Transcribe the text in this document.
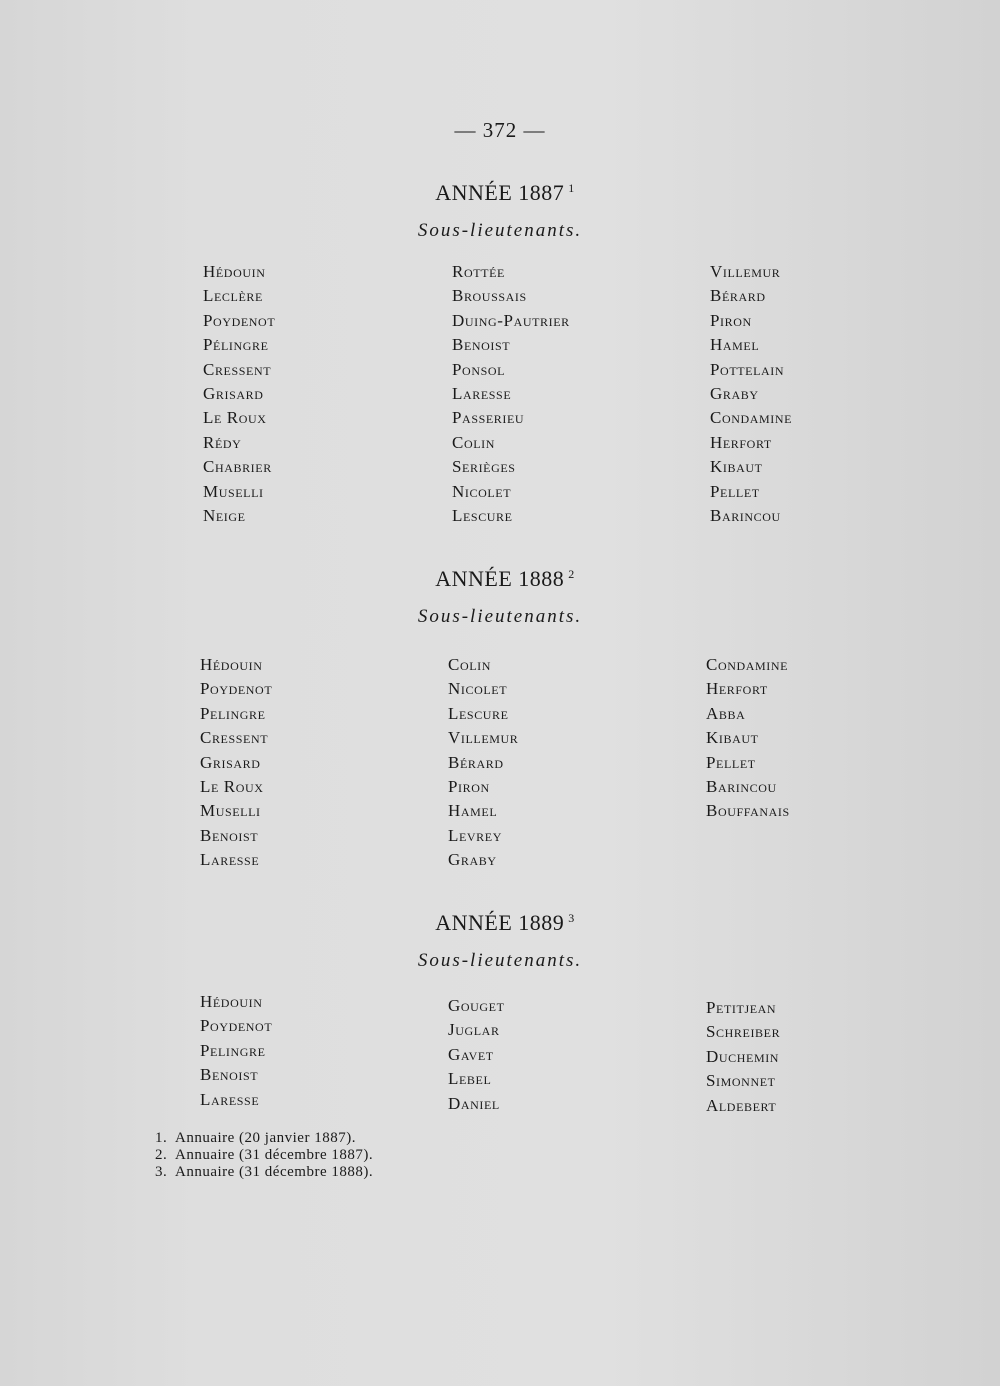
— 372 —
ANNÉE 1887 $^1$
Sous-lieutenants.
Hédouin
Leclère
Poydenot
Pélingre
Cressent
Grisard
Le Roux
Rédy
Chabrier
Muselli
Neige
Rottée
Broussais
Duing-Pautrier
Benoist
Ponsol
Laresse
Passerieu
Colin
Serièges
Nicolet
Lescure
Villemur
Bérard
Piron
Hamel
Pottelain
Graby
Condamine
Herfort
Kibaut
Pellet
Barincou
ANNÉE 1888 $^2$
Sous-lieutenants.
Hédouin
Poydenot
Pelingre
Cressent
Grisard
Le Roux
Muselli
Benoist
Laresse
Colin
Nicolet
Lescure
Villemur
Bérard
Piron
Hamel
Levrey
Graby
Condamine
Herfort
Abba
Kibaut
Pellet
Barincou
Bouffanais
ANNÉE 1889 $^3$
Sous-lieutenants.
Hédouin
Poydenot
Pelingre
Benoist
Laresse
Gouget
Juglar
Gavet
Lebel
Daniel
Petitjean
Schreiber
Duchemin
Simonnet
Aldebert
1. Annuaire (20 janvier 1887).
2. Annuaire (31 décembre 1887).
3. Annuaire (31 décembre 1888).
